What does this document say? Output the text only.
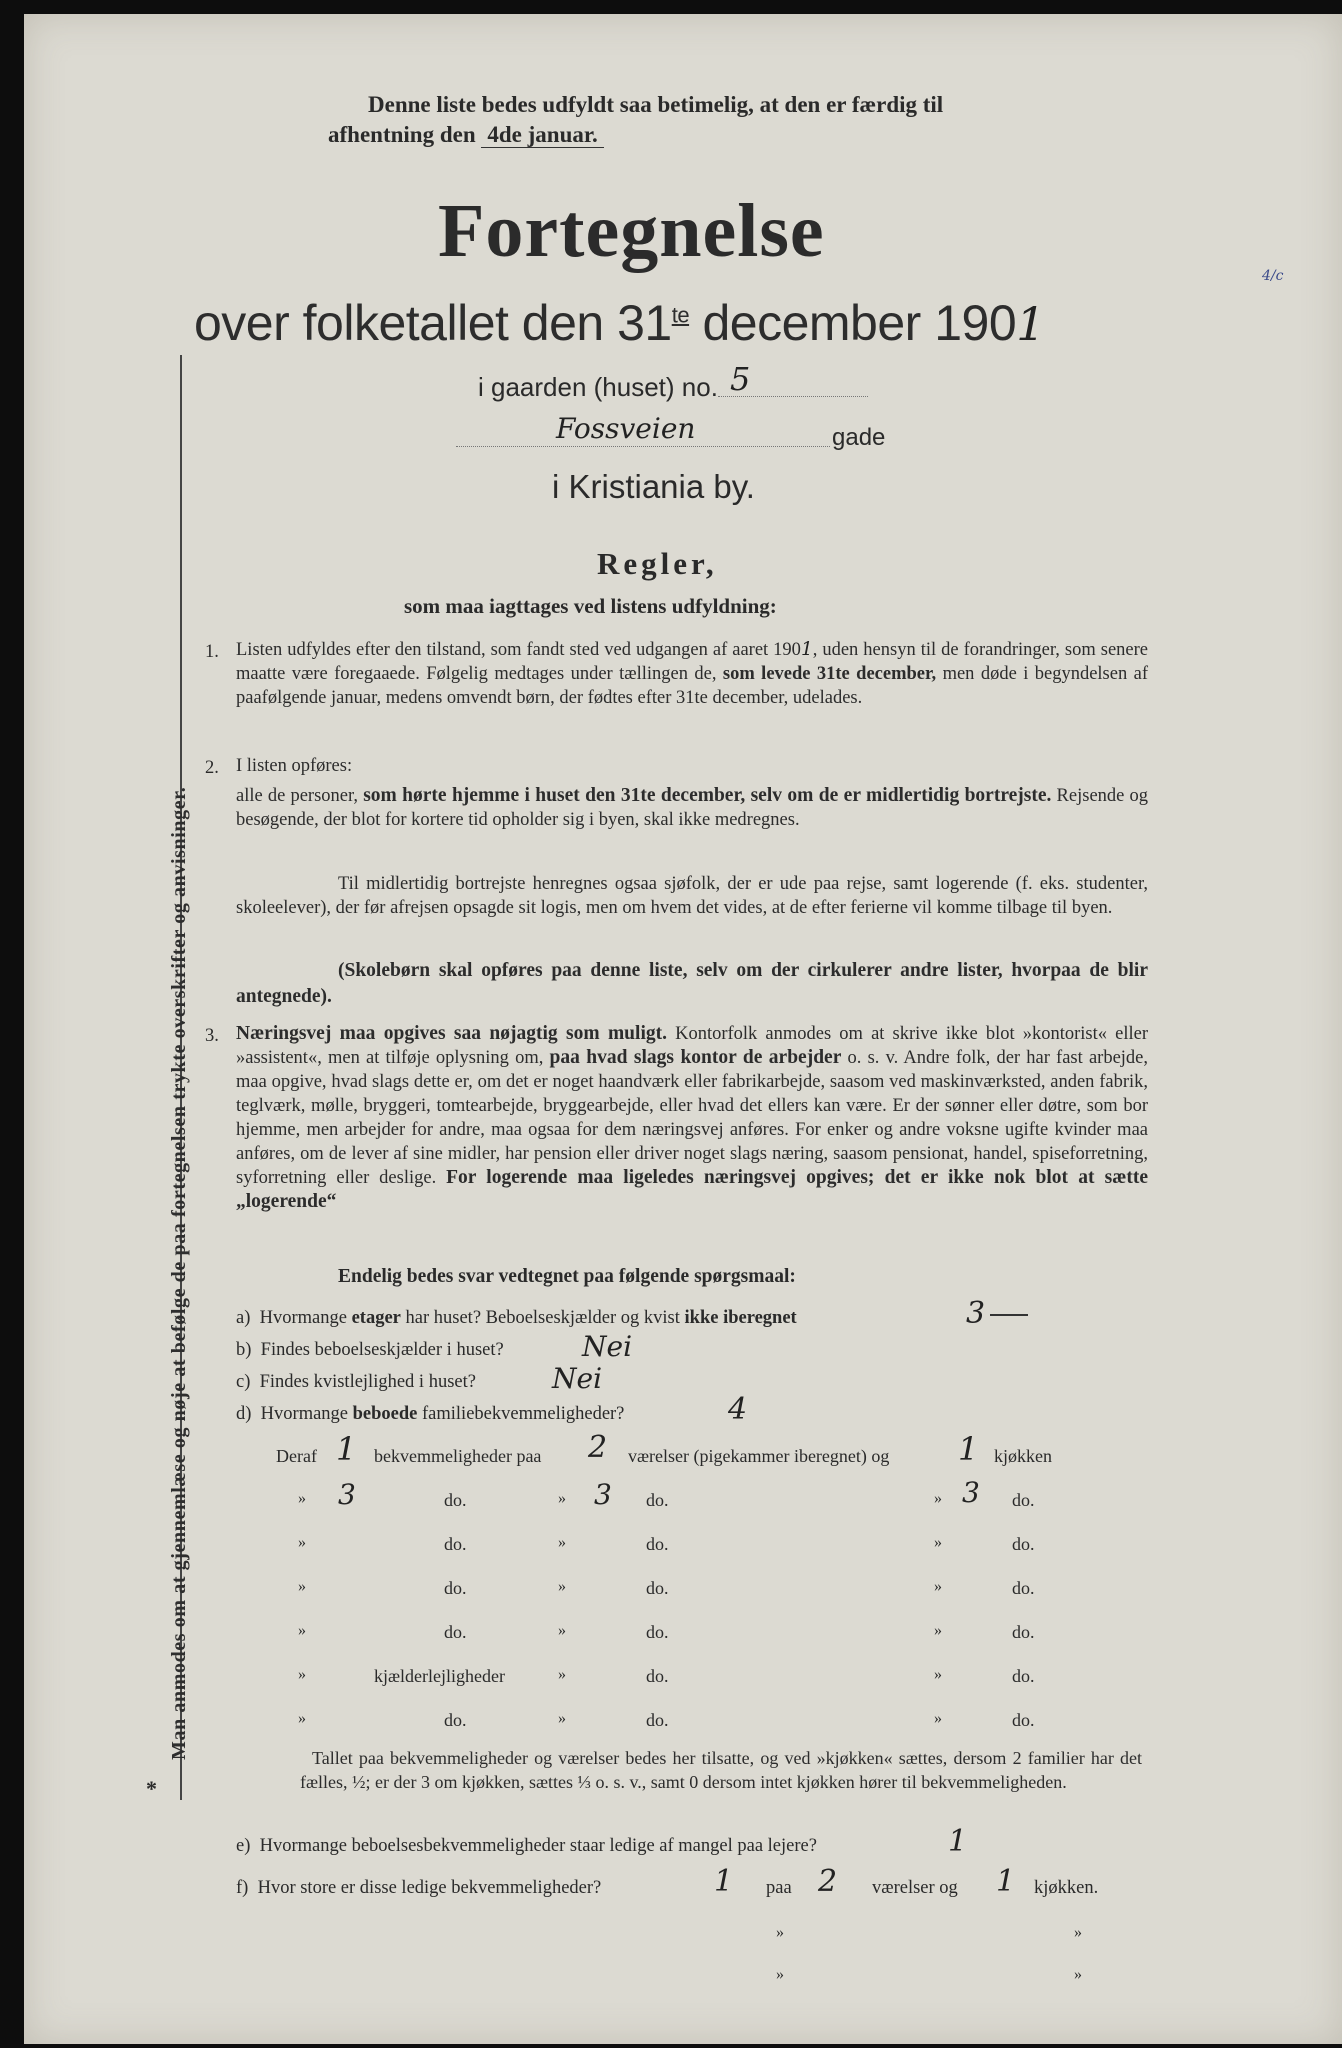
Denne liste bedes udfyldt saa betimelig, at den er færdig til
afhentning den 4de januar.
Fortegnelse
over folketallet den $31^{te}$ december 1901
i gaarden (huset) no. 5
Fossveien	gade
i Kristiania by.
Regler,
som maa iagttages ved listens udfyldning:
1. Listen udfyldes efter den tilstand, som fandt sted ved udgangen af aaret 1901, uden hensyn til de forandringer, som senere maatte være foregaaede. Følgelig medtages under tællingen de, som levede 31te december, men døde i begyndelsen af paafølgende januar, medens omvendt børn, der fødtes efter 31te december, udelades.
2. I listen opføres:
alle de personer, som hørte hjemme i huset den 31te december, selv om de er midlertidig bortrejste. Rejsende og besøgende, der blot for kortere tid opholder sig i byen, skal ikke medregnes.
Til midlertidig bortrejste henregnes ogsaa sjøfolk, der er ude paa rejse, samt logerende (f. eks. studenter, skoleelever), der før afrejsen opsagde sit logis, men om hvem det vides, at de efter ferierne vil komme tilbage til byen.
(Skolebørn skal opføres paa denne liste, selv om der cirkulerer andre lister, hvorpaa de blir antegnede).
3. Næringsvej maa opgives saa nøjagtig som muligt. Kontorfolk anmodes om at skrive ikke blot »kontorist« eller »assistent«, men at tilføje oplysning om, paa hvad slags kontor de arbejder o. s. v. Andre folk, der har fast arbejde, maa opgive, hvad slags dette er, om det er noget haandværk eller fabrikarbejde, saasom ved maskinværksted, anden fabrik, teglværk, mølle, bryggeri, tomtearbejde, bryggearbejde, eller hvad det ellers kan være. Er der sønner eller døtre, som bor hjemme, men arbejder for andre, maa ogsaa for dem næringsvej anføres. For enker og andre voksne ugifte kvinder maa anføres, om de lever af sine midler, har pension eller driver noget slags næring, saasom pensionat, handel, spiseforretning, syforretning eller deslige. For logerende maa ligeledes næringsvej opgives; det er ikke nok blot at sætte „logerende“
Endelig bedes svar vedtegnet paa følgende spørgsmaal:
a) Hvormange etager har huset? Beboelseskjælder og kvist ikke iberegnet	3
b) Findes beboelseskjælder i huset?	Nei
c) Findes kvistlejlighed i huset?	Nei
d) Hvormange beboede familiebekvemmeligheder?	4
Deraf 1 bekvemmeligheder paa 2 værelser (pigekammer iberegnet) og 1 kjøkken
» 3	do.	» 3 do.	» 3 do.
»	do.	»	do.	»	do.
»	do.	»	do.	»	do.
»	do.	»	do.	»	do.
»	kjælderlejligheder	»	do.	»	do.
»	do.	»	do.	»	do.
Tallet paa bekvemmeligheder og værelser bedes her tilsatte, og ved »kjøkken« sættes, dersom 2 familier har det fælles, ½; er der 3 om kjøkken, sættes ⅓ o. s. v., samt 0 dersom intet kjøkken hører til bekvemmeligheden.
e) Hvormange beboelsesbekvemmeligheder staar ledige af mangel paa lejere?	1
f) Hvor store er disse ledige bekvemmeligheder?	1 paa 2 værelser og 1 kjøkken.
»	»
»	»
Man anmodes om at gjennemlæse og nøje at befølge de paa fortegnelsen trykte overskrifter og anvisninger.
*
4/c
